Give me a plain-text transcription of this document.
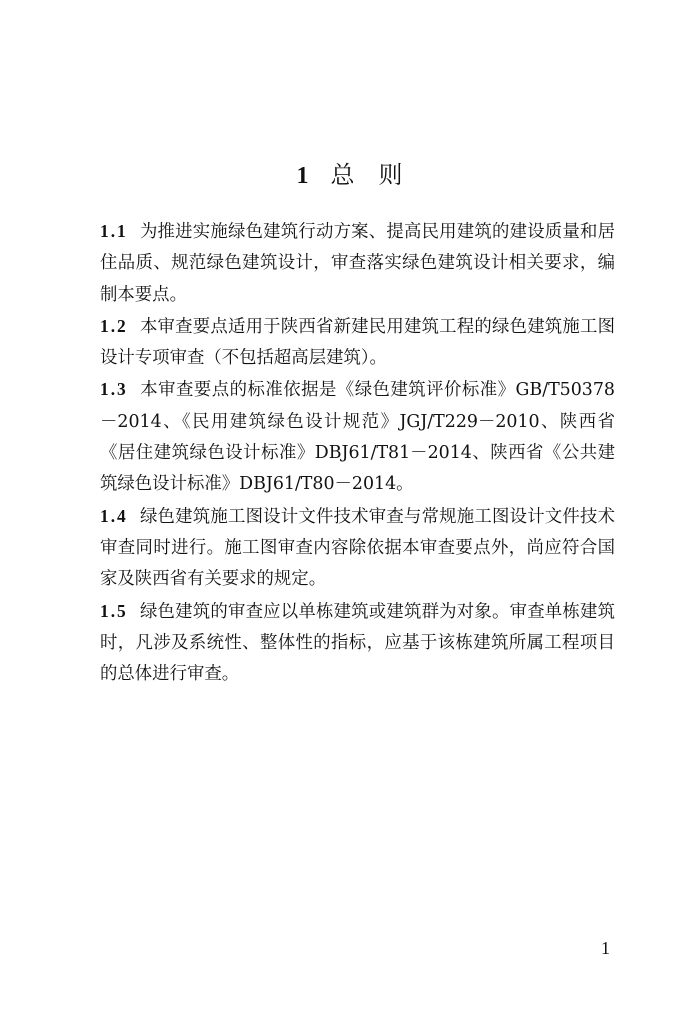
1 总 则

1.1 为推进实施绿色建筑行动方案、提高民用建筑的建设质量和居住品质、规范绿色建筑设计，审查落实绿色建筑设计相关要求，编制本要点。

1.2 本审查要点适用于陕西省新建民用建筑工程的绿色建筑施工图设计专项审查（不包括超高层建筑）。

1.3 本审查要点的标准依据是《绿色建筑评价标准》GB/T50378－2014、《民用建筑绿色设计规范》JGJ/T229－2010、陕西省《居住建筑绿色设计标准》DBJ61/T81－2014、陕西省《公共建筑绿色设计标准》DBJ61/T80－2014。

1.4 绿色建筑施工图设计文件技术审查与常规施工图设计文件技术审查同时进行。施工图审查内容除依据本审查要点外，尚应符合国家及陕西省有关要求的规定。

1.5 绿色建筑的审查应以单栋建筑或建筑群为对象。审查单栋建筑时，凡涉及系统性、整体性的指标，应基于该栋建筑所属工程项目的总体进行审查。

1
